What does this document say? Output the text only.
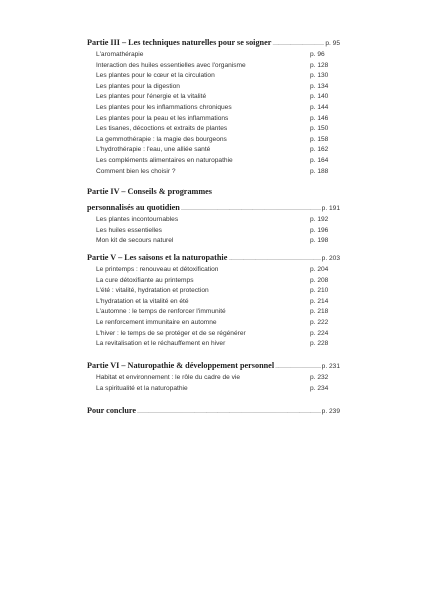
Partie III – Les techniques naturelles pour se soigner .....	p. 95
L'aromathérapie	p. 96
Interaction des huiles essentielles avec l'organisme	p. 128
Les plantes pour le cœur et la circulation	p. 130
Les plantes pour la digestion	p. 134
Les plantes pour l'énergie et la vitalité	p. 140
Les plantes pour les inflammations chroniques	p. 144
Les plantes pour la peau et les inflammations	p. 146
Les tisanes, décoctions et extraits de plantes	p. 150
La gemmothérapie : la magie des bourgeons	p. 158
L'hydrothérapie : l'eau, une alliée santé	p. 162
Les compléments alimentaires en naturopathie	p. 164
Comment bien les choisir ?	p. 188
Partie IV – Conseils & programmes
personnalisés au quotidien .....	p. 191
Les plantes incontournables	p. 192
Les huiles essentielles	p. 196
Mon kit de secours naturel	p. 198
Partie V – Les saisons et la naturopathie .....	p. 203
Le printemps : renouveau et détoxification	p. 204
La cure détoxifiante au printemps	p. 208
L'été : vitalité, hydratation et protection	p. 210
L'hydratation et la vitalité en été	p. 214
L'automne : le temps de renforcer l'immunité	p. 218
Le renforcement immunitaire en automne	p. 222
L'hiver : le temps de se protéger et de se régénérer	p. 224
La revitalisation et le réchauffement en hiver	p. 228
Partie VI – Naturopathie & développement personnel .....	p. 231
Habitat et environnement : le rôle du cadre de vie	p. 232
La spiritualité et la naturopathie	p. 234
Pour conclure .....	p. 239
